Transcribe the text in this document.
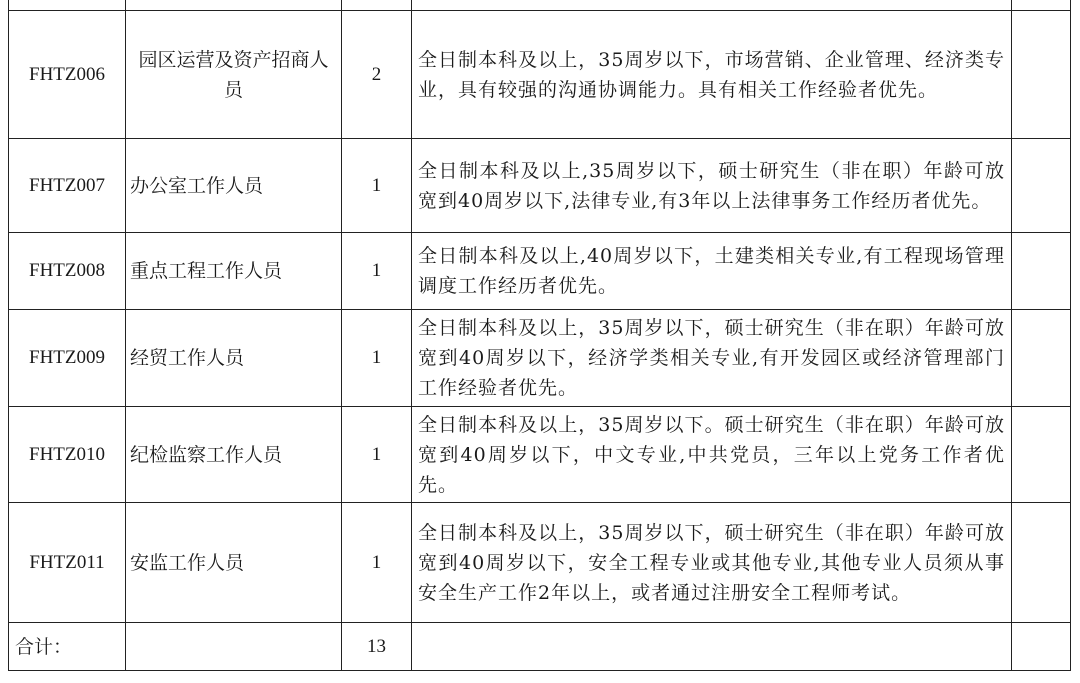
FHTZ006	园区运营及资产招商人员	2	全日制本科及以上，35周岁以下，市场营销、企业管理、经济类专业，具有较强的沟通协调能力。具有相关工作经验者优先。	
FHTZ007	办公室工作人员	1	全日制本科及以上,35周岁以下，硕士研究生（非在职）年龄可放宽到40周岁以下,法律专业,有3年以上法律事务工作经历者优先。	
FHTZ008	重点工程工作人员	1	全日制本科及以上,40周岁以下，土建类相关专业,有工程现场管理调度工作经历者优先。	
FHTZ009	经贸工作人员	1	全日制本科及以上，35周岁以下，硕士研究生（非在职）年龄可放宽到40周岁以下，经济学类相关专业,有开发园区或经济管理部门工作经验者优先。	
FHTZ010	纪检监察工作人员	1	全日制本科及以上，35周岁以下。硕士研究生（非在职）年龄可放宽到40周岁以下，中文专业,中共党员，三年以上党务工作者优先。	
FHTZ011	安监工作人员	1	全日制本科及以上，35周岁以下，硕士研究生（非在职）年龄可放宽到40周岁以下，安全工程专业或其他专业,其他专业人员须从事安全生产工作2年以上，或者通过注册安全工程师考试。	
合计：		13		
